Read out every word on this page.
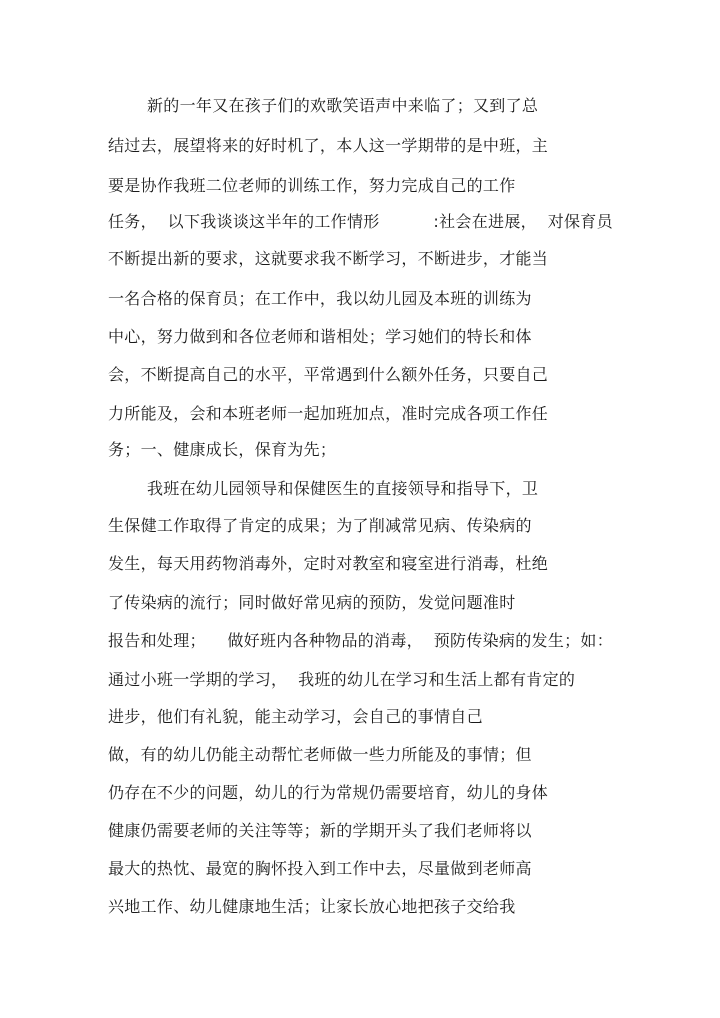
新的一年又在孩子们的欢歌笑语声中来临了；又到了总
结过去，展望将来的好时机了，本人这一学期带的是中班，主
要是协作我班二位老师的训练工作，努力完成自己的工作
任务，  以下我谈谈这半年的工作情形          :社会在进展，  对保育员
不断提出新的要求，这就要求我不断学习，不断进步，才能当
一名合格的保育员；在工作中，我以幼儿园及本班的训练为
中心，努力做到和各位老师和谐相处；学习她们的特长和体
会，不断提高自己的水平，平常遇到什么额外任务，只要自己
力所能及，会和本班老师一起加班加点，准时完成各项工作任
务；一、健康成长，保育为先；
我班在幼儿园领导和保健医生的直接领导和指导下，卫
生保健工作取得了肯定的成果；为了削减常见病、传染病的
发生，每天用药物消毒外，定时对教室和寝室进行消毒，杜绝
了传染病的流行；同时做好常见病的预防，发觉问题准时
报告和处理；    做好班内各种物品的消毒，  预防传染病的发生；如：
通过小班一学期的学习，  我班的幼儿在学习和生活上都有肯定的
进步，他们有礼貌，能主动学习，会自己的事情自己
做，有的幼儿仍能主动帮忙老师做一些力所能及的事情；但
仍存在不少的问题，幼儿的行为常规仍需要培育，幼儿的身体
健康仍需要老师的关注等等；新的学期开头了我们老师将以
最大的热忱、最宽的胸怀投入到工作中去，尽量做到老师高
兴地工作、幼儿健康地生活；让家长放心地把孩子交给我
